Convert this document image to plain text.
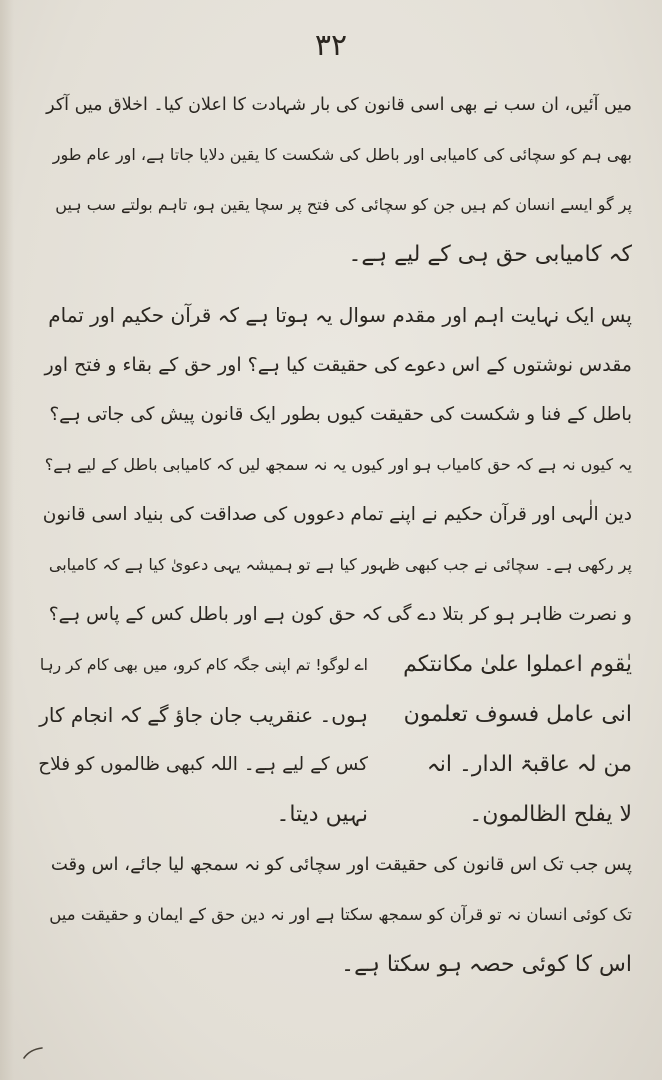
۳۲
میں آئیں، ان سب نے بھی اسی قانون کی بار شہادت کا اعلان کیا۔ اخلاق میں آکر
بھی ہم کو سچائی کی کامیابی اور باطل کی شکست کا یقین دلایا جاتا ہے، اور عام طور
پر گو ایسے انسان کم ہیں جن کو سچائی کی فتح پر سچا یقین ہو، تاہم بولتے سب ہیں
کہ کامیابی حق ہی کے لیے ہے۔
پس ایک نہایت اہم اور مقدم سوال یہ ہوتا ہے کہ قرآن حکیم اور تمام
مقدس نوشتوں کے اس دعوے کی حقیقت کیا ہے؟ اور حق کے بقاء و فتح اور
باطل کے فنا و شکست کی حقیقت کیوں بطور ایک قانون پیش کی جاتی ہے؟
یہ کیوں نہ ہے کہ حق کامیاب ہو اور کیوں یہ نہ سمجھ لیں کہ کامیابی باطل کے لیے ہے؟
دین الٰہی اور قرآن حکیم نے اپنے تمام دعووں کی صداقت کی بنیاد اسی قانون
پر رکھی ہے۔ سچائی نے جب کبھی ظہور کیا ہے تو ہمیشہ یہی دعویٰ کیا ہے کہ کامیابی
و نصرت ظاہر ہو کر بتلا دے گی کہ حق کون ہے اور باطل کس کے پاس ہے؟
یٰقوم اعملوا علیٰ مکانتکم
اے لوگو! تم اپنی جگہ کام کرو، میں بھی کام کر رہا
انی عامل فسوف تعلمون
ہوں۔ عنقریب جان جاؤ گے کہ انجام کار
من لہ عاقبۃ الدار۔ انہ
کس کے لیے ہے۔ اللہ کبھی ظالموں کو فلاح
لا یفلح الظالمون۔
نہیں دیتا۔
پس جب تک اس قانون کی حقیقت اور سچائی کو نہ سمجھ لیا جائے، اس وقت
تک کوئی انسان نہ تو قرآن کو سمجھ سکتا ہے اور نہ دین حق کے ایمان و حقیقت میں
اس کا کوئی حصہ ہو سکتا ہے۔
